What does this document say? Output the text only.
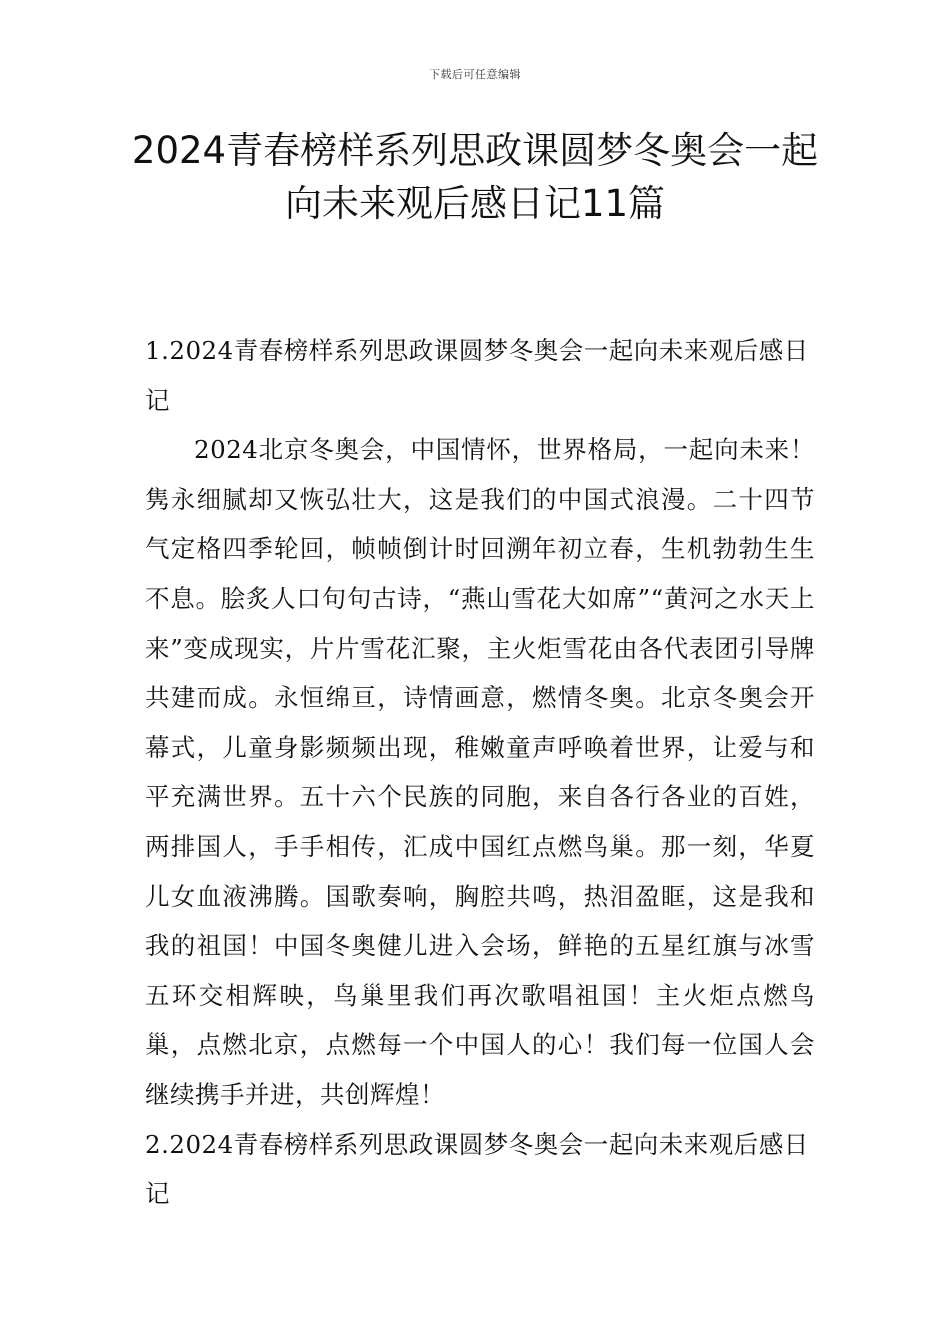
下载后可任意编辑
2024青春榜样系列思政课圆梦冬奥会一起
向未来观后感日记11篇

1.2024青春榜样系列思政课圆梦冬奥会一起向未来观后感日记

2024北京冬奥会，中国情怀，世界格局，一起向未来！隽永细腻却又恢弘壮大，这是我们的中国式浪漫。二十四节气定格四季轮回，帧帧倒计时回溯年初立春，生机勃勃生生不息。脍炙人口句句古诗，“燕山雪花大如席”“黄河之水天上来”变成现实，片片雪花汇聚，主火炬雪花由各代表团引导牌共建而成。永恒绵亘，诗情画意，燃情冬奥。北京冬奥会开幕式，儿童身影频频出现，稚嫩童声呼唤着世界，让爱与和平充满世界。五十六个民族的同胞，来自各行各业的百姓，两排国人，手手相传，汇成中国红点燃鸟巢。那一刻，华夏儿女血液沸腾。国歌奏响，胸腔共鸣，热泪盈眶，这是我和我的祖国！中国冬奥健儿进入会场，鲜艳的五星红旗与冰雪五环交相辉映，鸟巢里我们再次歌唱祖国！主火炬点燃鸟巢，点燃北京，点燃每一个中国人的心！我们每一位国人会继续携手并进，共创辉煌！

2.2024青春榜样系列思政课圆梦冬奥会一起向未来观后感日记
